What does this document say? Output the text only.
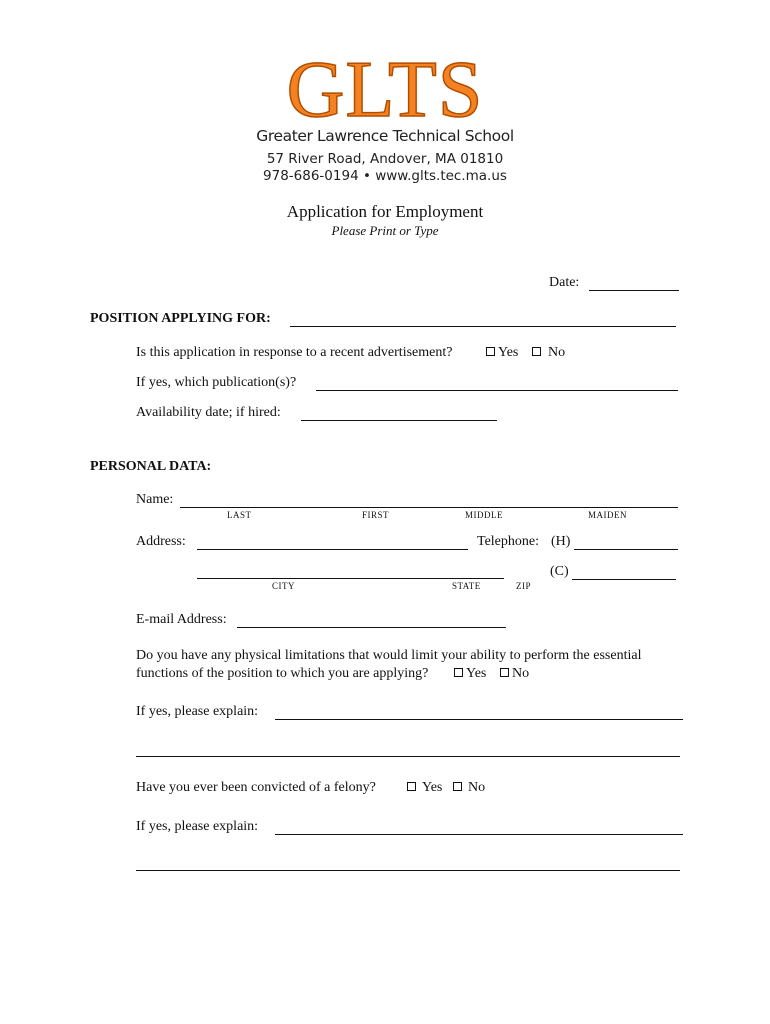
GLTS
Greater Lawrence Technical School
57 River Road, Andover, MA 01810
978-686-0194 • www.glts.tec.ma.us
Application for Employment
Please Print or Type
Date:
POSITION APPLYING FOR:
Is this application in response to a recent advertisement?	Yes	No
If yes, which publication(s)?
Availability date; if hired:
PERSONAL DATA:
Name:
LAST	FIRST	MIDDLE	MAIDEN
Address:	Telephone: (H)
(C)
CITY	STATE	ZIP
E-mail Address:
Do you have any physical limitations that would limit your ability to perform the essential
functions of the position to which you are applying?	Yes	No
If yes, please explain:
Have you ever been convicted of a felony?	Yes	No
If yes, please explain:
